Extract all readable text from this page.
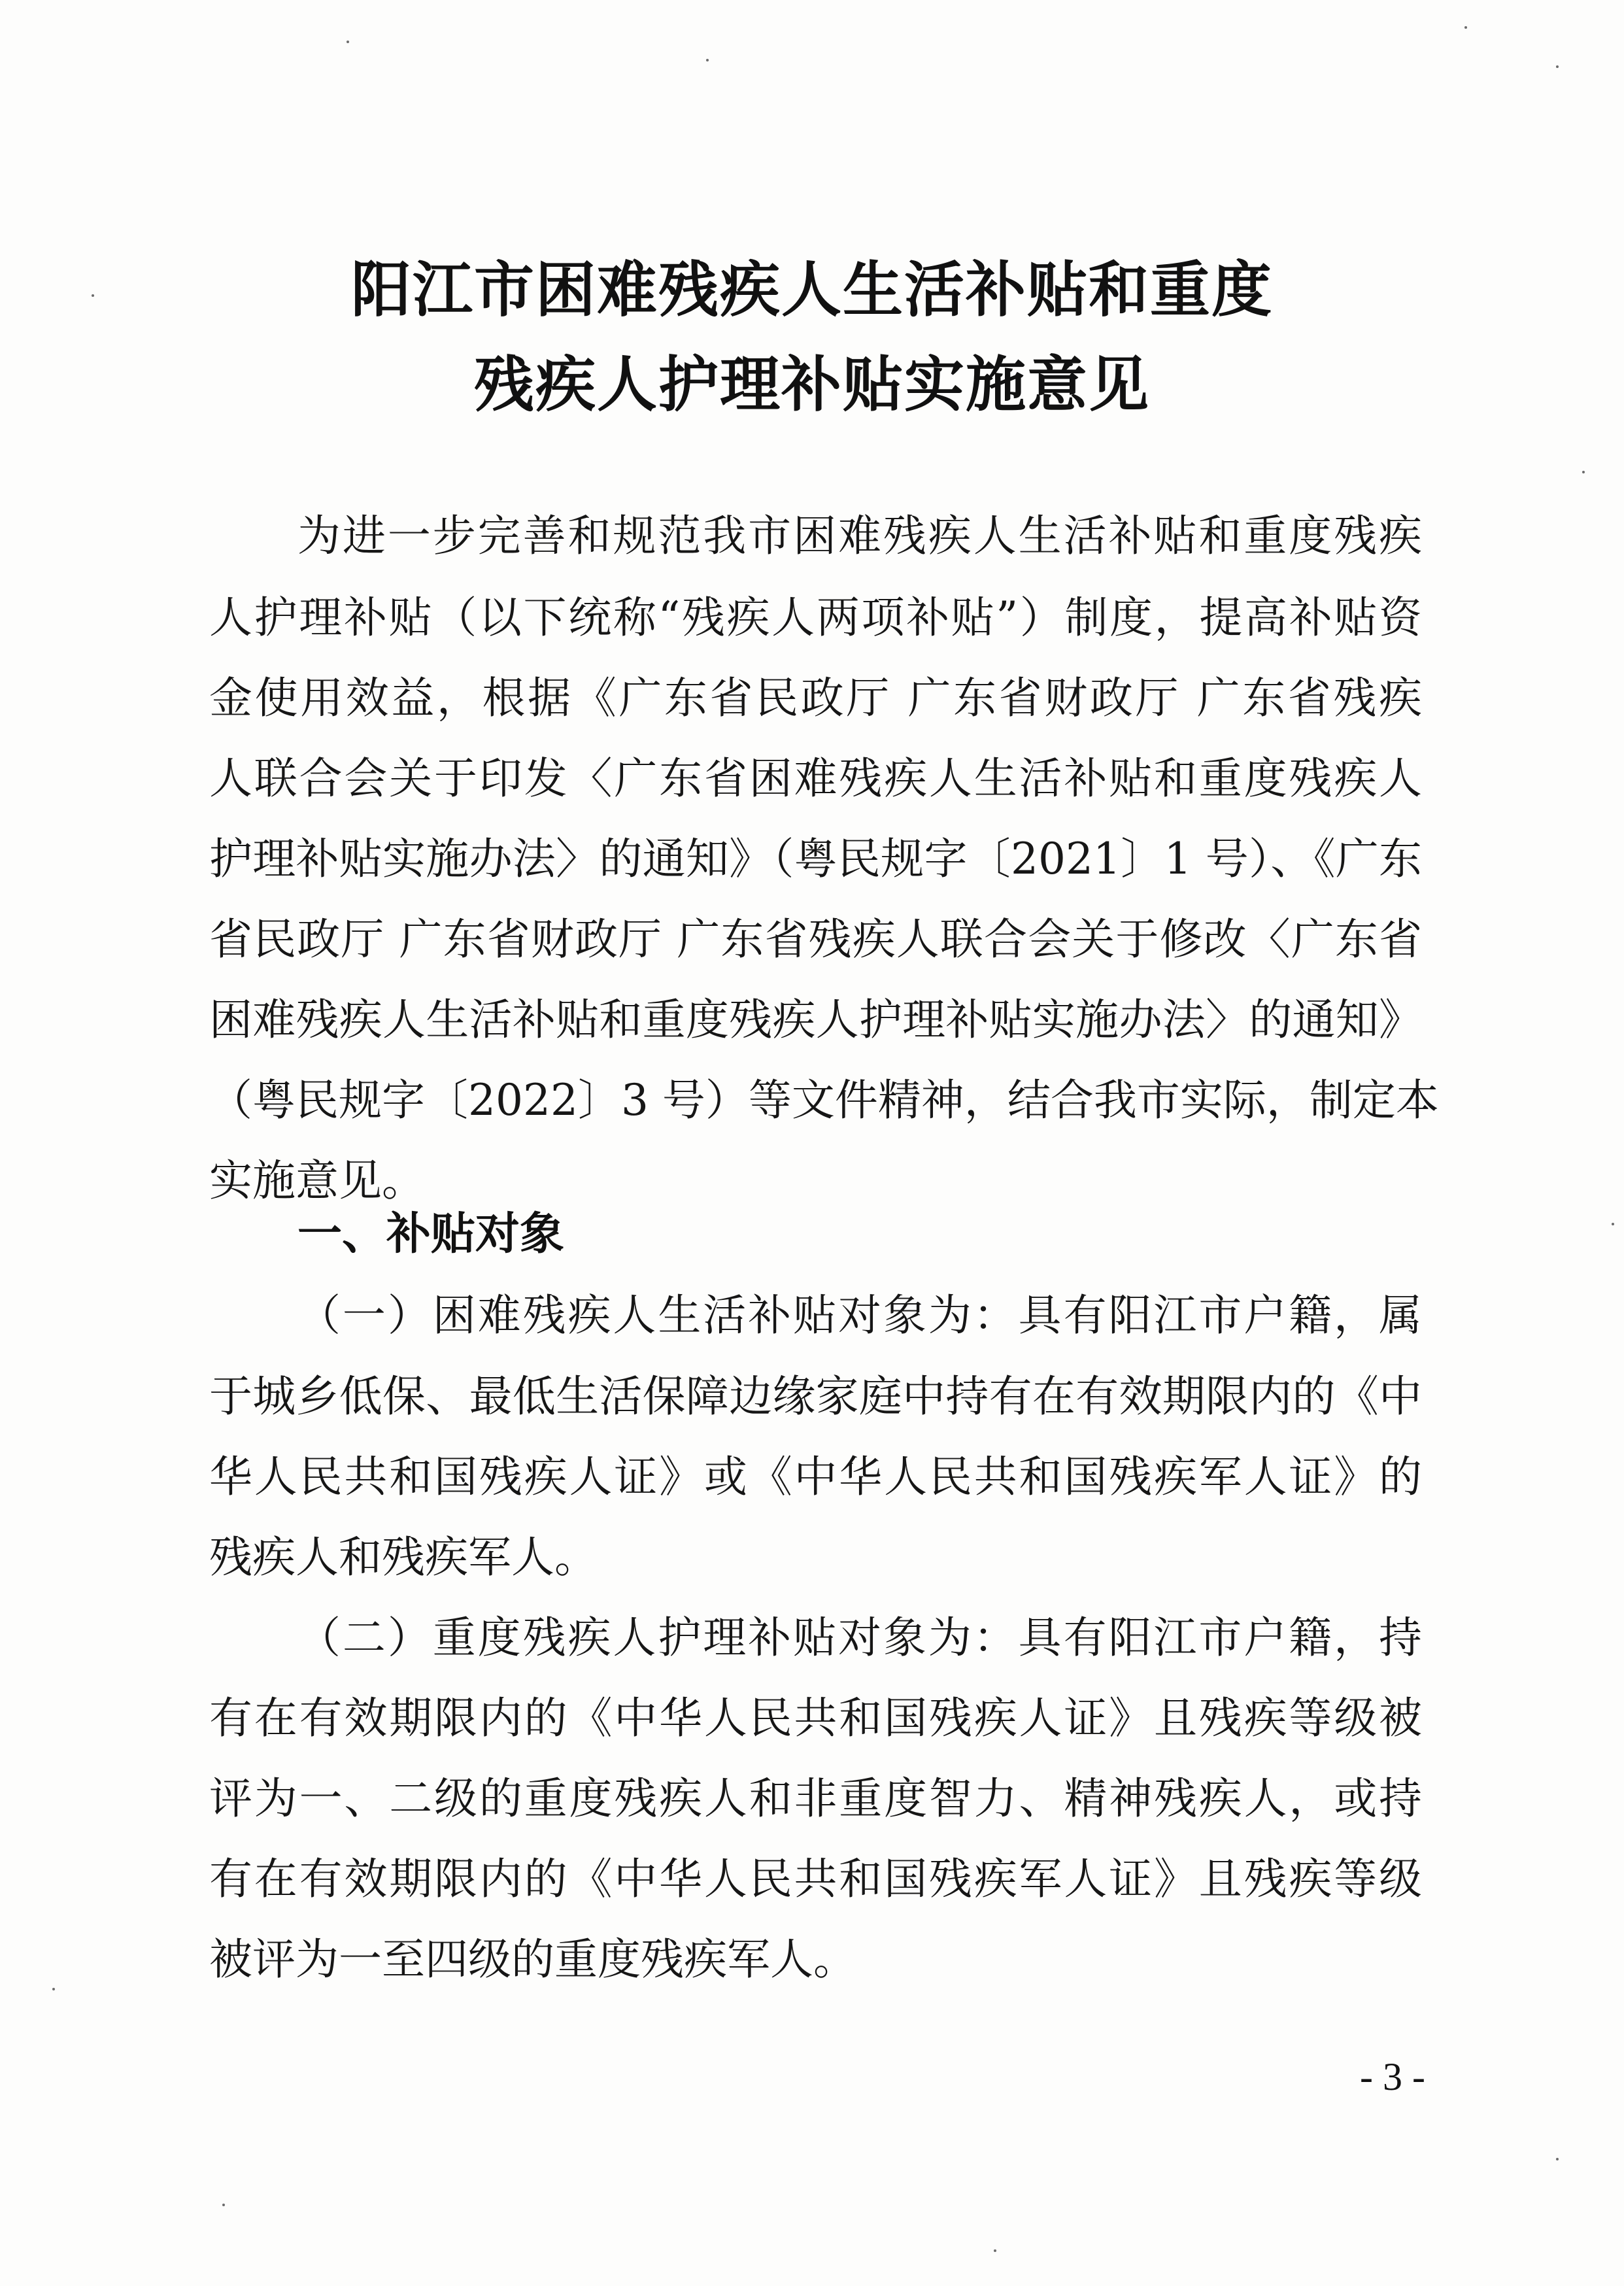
阳江市困难残疾人生活补贴和重度
残疾人护理补贴实施意见
为进一步完善和规范我市困难残疾人生活补贴和重度残疾
人护理补贴（以下统称“残疾人两项补贴”）制度，提高补贴资
金使用效益，根据《广东省民政厅 广东省财政厅 广东省残疾
人联合会关于印发〈广东省困难残疾人生活补贴和重度残疾人
护理补贴实施办法〉的通知》（粤民规字〔2021〕1 号）、《广东
省民政厅 广东省财政厅 广东省残疾人联合会关于修改〈广东省
困难残疾人生活补贴和重度残疾人护理补贴实施办法〉的通知》
（粤民规字〔2022〕3 号）等文件精神，结合我市实际，制定本
实施意见。
一、补贴对象
（一）困难残疾人生活补贴对象为：具有阳江市户籍，属
于城乡低保、最低生活保障边缘家庭中持有在有效期限内的《中
华人民共和国残疾人证》或《中华人民共和国残疾军人证》的
残疾人和残疾军人。
（二）重度残疾人护理补贴对象为：具有阳江市户籍，持
有在有效期限内的《中华人民共和国残疾人证》且残疾等级被
评为一、二级的重度残疾人和非重度智力、精神残疾人，或持
有在有效期限内的《中华人民共和国残疾军人证》且残疾等级
被评为一至四级的重度残疾军人。
- 3 -
